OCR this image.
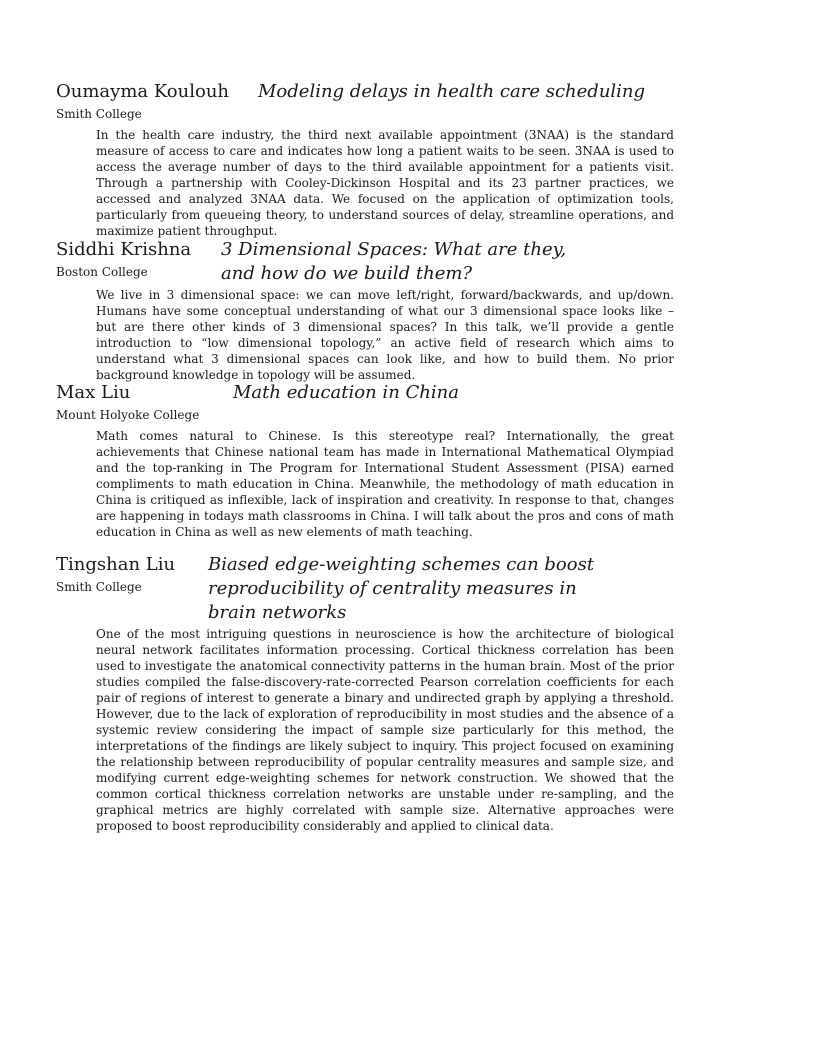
Oumayma Koulouh
Smith College
Modeling delays in health care scheduling
In the health care industry, the third next available appointment (3NAA) is the standard measure of access to care and indicates how long a patient waits to be seen. 3NAA is used to access the average number of days to the third available appointment for a patients visit. Through a partnership with Cooley-Dickinson Hospital and its 23 partner practices, we accessed and analyzed 3NAA data. We focused on the application of optimization tools, particularly from queueing theory, to understand sources of delay, streamline operations, and maximize patient throughput.
Siddhi Krishna
Boston College
3 Dimensional Spaces: What are they,
and how do we build them?
We live in 3 dimensional space: we can move left/right, forward/backwards, and up/down. Humans have some conceptual understanding of what our 3 dimensional space looks like – but are there other kinds of 3 dimensional spaces? In this talk, we’ll provide a gentle introduction to “low dimensional topology,” an active field of research which aims to understand what 3 dimensional spaces can look like, and how to build them. No prior background knowledge in topology will be assumed.
Max Liu
Mount Holyoke College
Math education in China
Math comes natural to Chinese. Is this stereotype real? Internationally, the great achievements that Chinese national team has made in International Mathematical Olympiad and the top-ranking in The Program for International Student Assessment (PISA) earned compliments to math education in China. Meanwhile, the methodology of math education in China is critiqued as inflexible, lack of inspiration and creativity. In response to that, changes are happening in todays math classrooms in China. I will talk about the pros and cons of math education in China as well as new elements of math teaching.
Tingshan Liu
Smith College
Biased edge-weighting schemes can boost
reproducibility of centrality measures in
brain networks
One of the most intriguing questions in neuroscience is how the architecture of biological neural network facilitates information processing. Cortical thickness correlation has been used to investigate the anatomical connectivity patterns in the human brain. Most of the prior studies compiled the false-discovery-rate-corrected Pearson correlation coefficients for each pair of regions of interest to generate a binary and undirected graph by applying a threshold. However, due to the lack of exploration of reproducibility in most studies and the absence of a systemic review considering the impact of sample size particularly for this method, the interpretations of the findings are likely subject to inquiry. This project focused on examining the relationship between reproducibility of popular centrality measures and sample size, and modifying current edge-weighting schemes for network construction. We showed that the common cortical thickness correlation networks are unstable under re-sampling, and the graphical metrics are highly correlated with sample size. Alternative approaches were proposed to boost reproducibility considerably and applied to clinical data.
